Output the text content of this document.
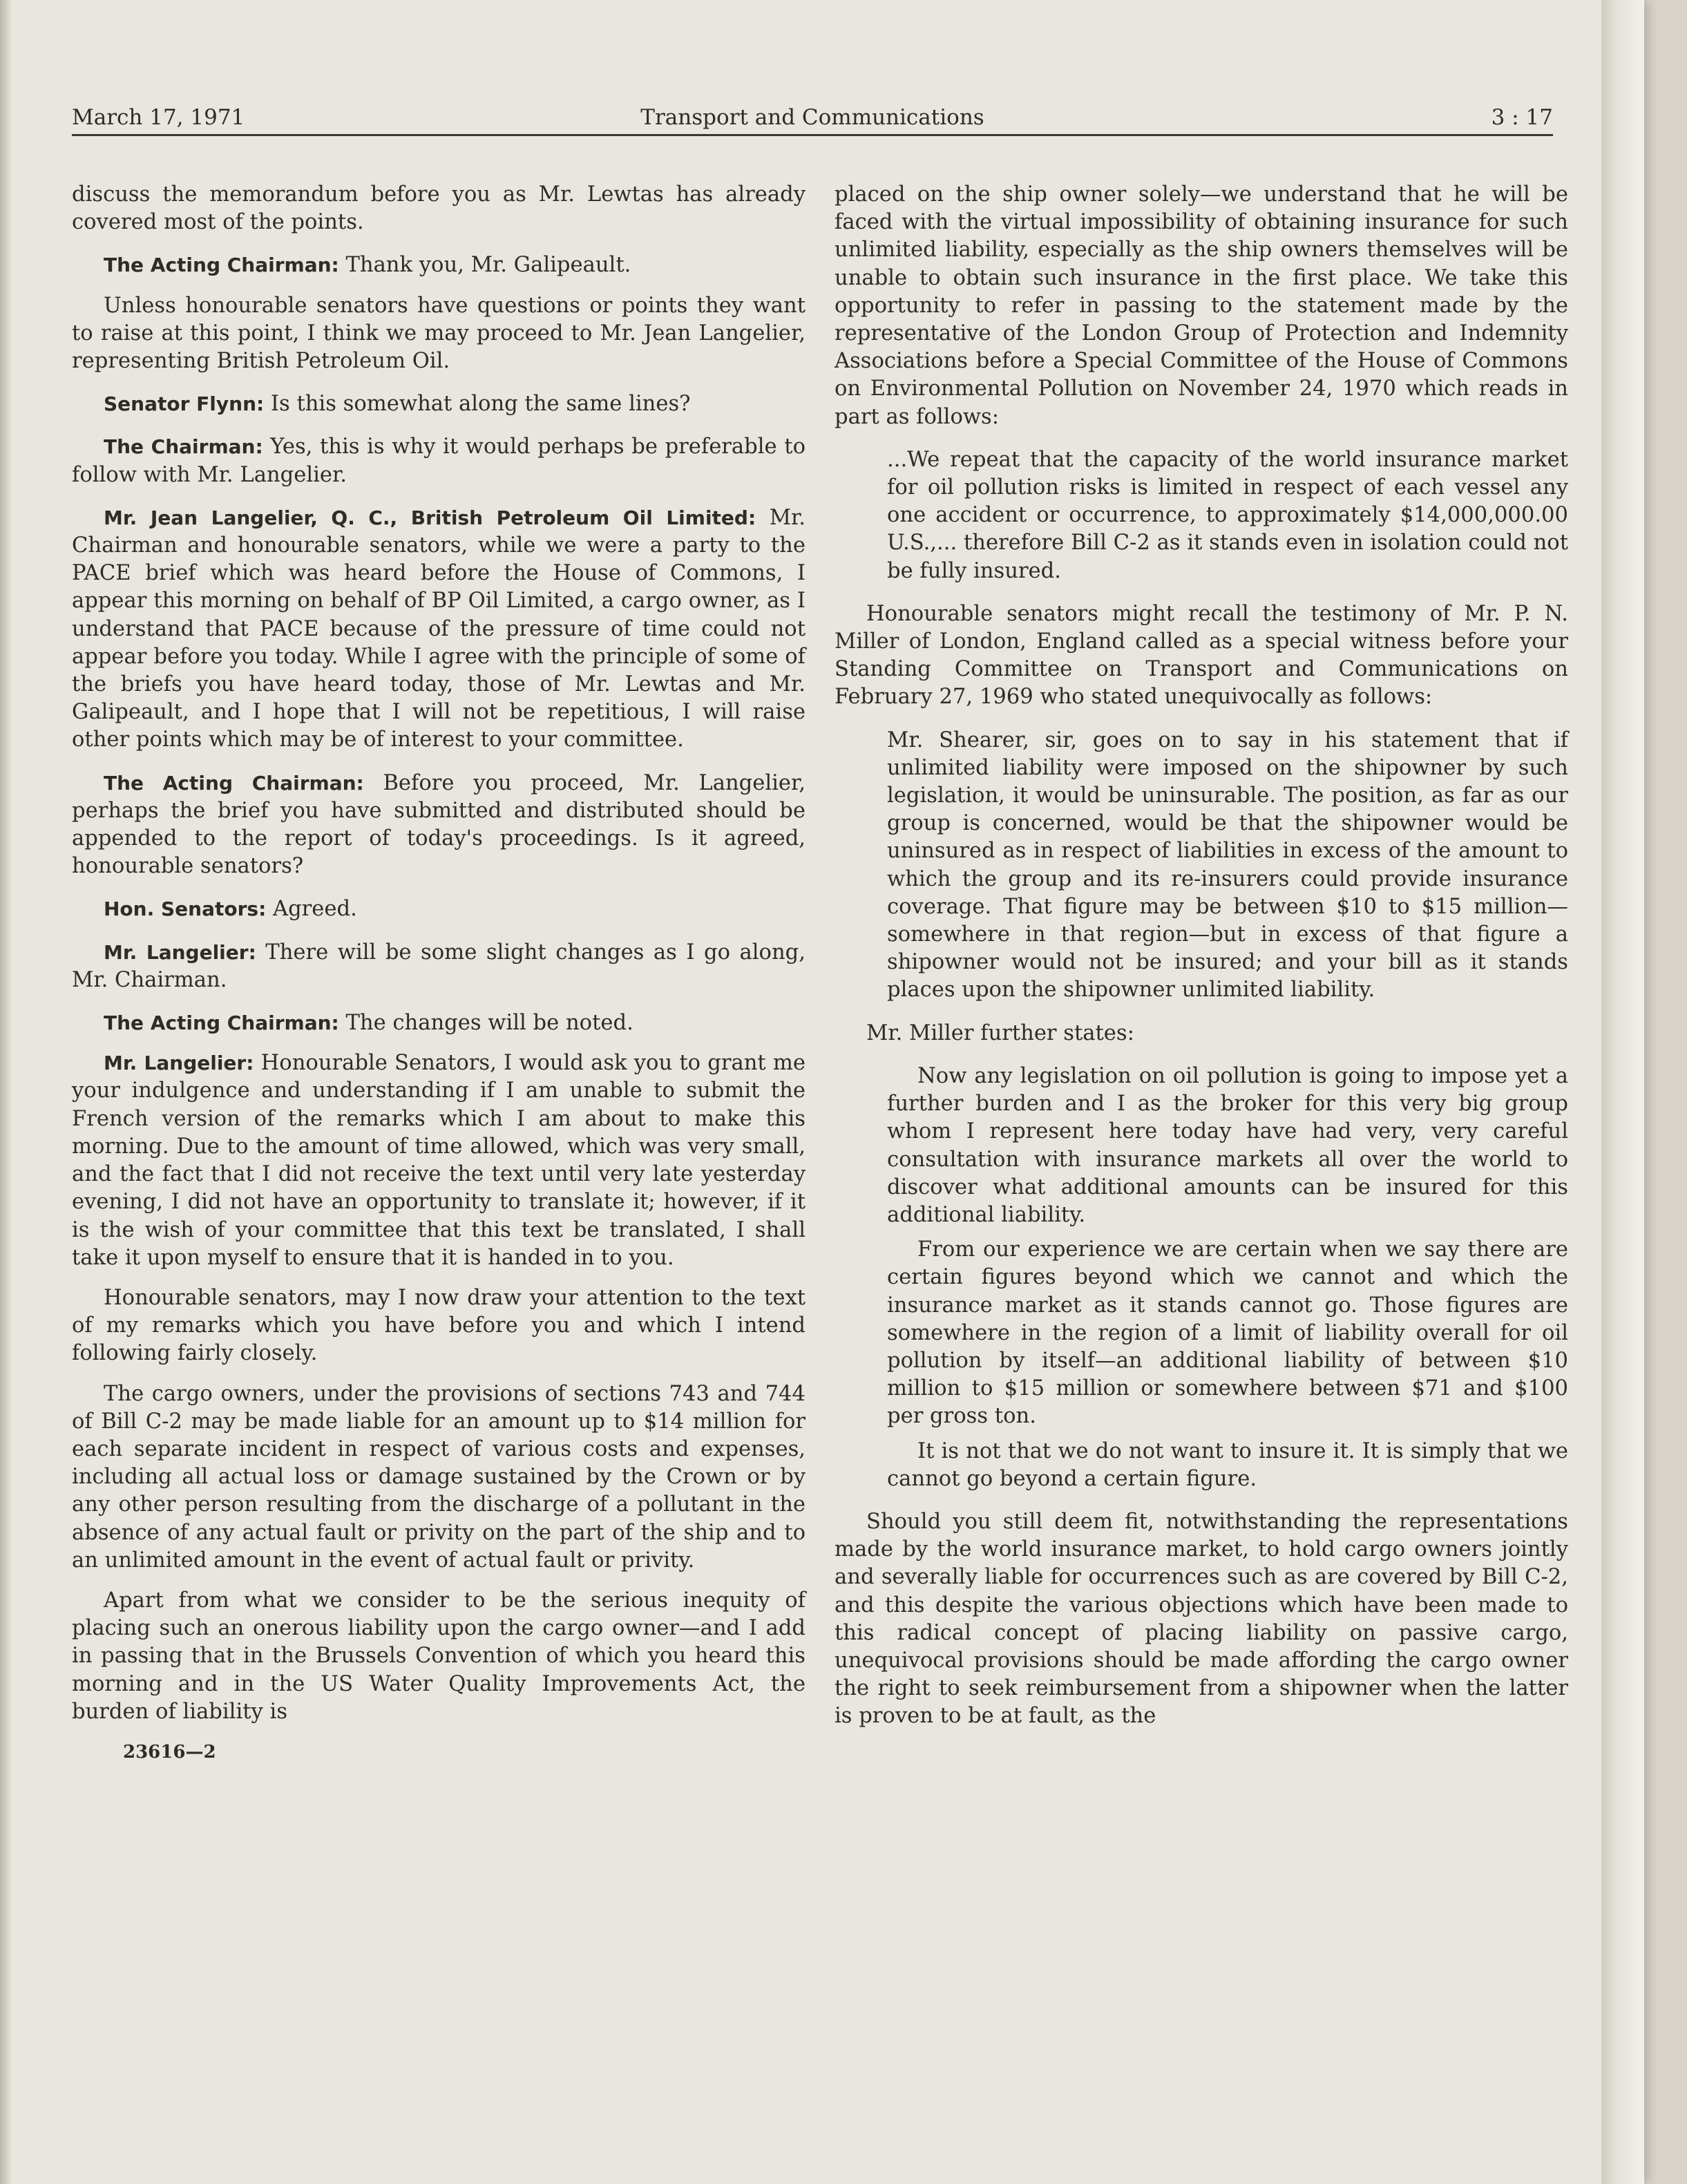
March 17, 1971	Transport and Communications	3 : 17

discuss the memorandum before you as Mr. Lewtas has already covered most of the points.

The Acting Chairman: Thank you, Mr. Galipeault.

Unless honourable senators have questions or points they want to raise at this point, I think we may proceed to Mr. Jean Langelier, representing British Petroleum Oil.

Senator Flynn: Is this somewhat along the same lines?

The Chairman: Yes, this is why it would perhaps be preferable to follow with Mr. Langelier.

Mr. Jean Langelier, Q. C., British Petroleum Oil Limited: Mr. Chairman and honourable senators, while we were a party to the PACE brief which was heard before the House of Commons, I appear this morning on behalf of BP Oil Limited, a cargo owner, as I understand that PACE because of the pressure of time could not appear before you today. While I agree with the principle of some of the briefs you have heard today, those of Mr. Lewtas and Mr. Galipeault, and I hope that I will not be repetitious, I will raise other points which may be of interest to your committee.

The Acting Chairman: Before you proceed, Mr. Langelier, perhaps the brief you have submitted and distributed should be appended to the report of today's proceedings. Is it agreed, honourable senators?

Hon. Senators: Agreed.

Mr. Langelier: There will be some slight changes as I go along, Mr. Chairman.

The Acting Chairman: The changes will be noted.

Mr. Langelier: Honourable Senators, I would ask you to grant me your indulgence and understanding if I am unable to submit the French version of the remarks which I am about to make this morning. Due to the amount of time allowed, which was very small, and the fact that I did not receive the text until very late yesterday evening, I did not have an opportunity to translate it; however, if it is the wish of your committee that this text be translated, I shall take it upon myself to ensure that it is handed in to you.

Honourable senators, may I now draw your attention to the text of my remarks which you have before you and which I intend following fairly closely.

The cargo owners, under the provisions of sections 743 and 744 of Bill C-2 may be made liable for an amount up to $14 million for each separate incident in respect of various costs and expenses, including all actual loss or damage sustained by the Crown or by any other person resulting from the discharge of a pollutant in the absence of any actual fault or privity on the part of the ship and to an unlimited amount in the event of actual fault or privity.

Apart from what we consider to be the serious inequity of placing such an onerous liability upon the cargo owner—and I add in passing that in the Brussels Convention of which you heard this morning and in the US Water Quality Improvements Act, the burden of liability is

23616—2

placed on the ship owner solely—we understand that he will be faced with the virtual impossibility of obtaining insurance for such unlimited liability, especially as the ship owners themselves will be unable to obtain such insurance in the first place. We take this opportunity to refer in passing to the statement made by the representative of the London Group of Protection and Indemnity Associations before a Special Committee of the House of Commons on Environmental Pollution on November 24, 1970 which reads in part as follows:

...We repeat that the capacity of the world insurance market for oil pollution risks is limited in respect of each vessel any one accident or occurrence, to approximately $14,000,000.00 U.S.,... therefore Bill C-2 as it stands even in isolation could not be fully insured.

Honourable senators might recall the testimony of Mr. P. N. Miller of London, England called as a special witness before your Standing Committee on Transport and Communications on February 27, 1969 who stated unequivocally as follows:

Mr. Shearer, sir, goes on to say in his statement that if unlimited liability were imposed on the shipowner by such legislation, it would be uninsurable. The position, as far as our group is concerned, would be that the shipowner would be uninsured as in respect of liabilities in excess of the amount to which the group and its re-insurers could provide insurance coverage. That figure may be between $10 to $15 million—somewhere in that region—but in excess of that figure a shipowner would not be insured; and your bill as it stands places upon the shipowner unlimited liability.

Mr. Miller further states:

Now any legislation on oil pollution is going to impose yet a further burden and I as the broker for this very big group whom I represent here today have had very, very careful consultation with insurance markets all over the world to discover what additional amounts can be insured for this additional liability.

From our experience we are certain when we say there are certain figures beyond which we cannot and which the insurance market as it stands cannot go. Those figures are somewhere in the region of a limit of liability overall for oil pollution by itself—an additional liability of between $10 million to $15 million or somewhere between $71 and $100 per gross ton.

It is not that we do not want to insure it. It is simply that we cannot go beyond a certain figure.

Should you still deem fit, notwithstanding the representations made by the world insurance market, to hold cargo owners jointly and severally liable for occurrences such as are covered by Bill C-2, and this despite the various objections which have been made to this radical concept of placing liability on passive cargo, unequivocal provisions should be made affording the cargo owner the right to seek reimbursement from a shipowner when the latter is proven to be at fault, as the
